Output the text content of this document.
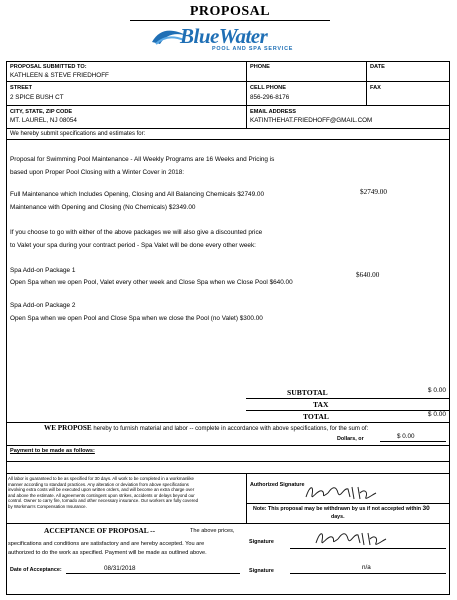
PROPOSAL
BlueWater
POOL AND SPA SERVICE
PROPOSAL SUBMITTED TO:
KATHLEEN & STEVE FRIEDHOFF
PHONE	DATE
STREET
2 SPICE BUSH CT
CELL PHONE
856-296-8176
FAX
CITY, STATE, ZIP CODE
MT. LAUREL, NJ 08054
EMAIL ADDRESS
KATINTHEHAT.FRIEDHOFF@GMAIL.COM
We hereby submit specifications and estimates for:
Proposal for Swimming Pool Maintenance - All Weekly Programs are 16 Weeks and Pricing is
based upon Proper Pool Closing with a Winter Cover in 2018:
Full Maintenance which Includes Opening, Closing and All Balancing Chemicals $2749.00
Maintenance with Opening and Closing (No Chemicals) $2349.00
$2749.00
If you choose to go with either of the above packages we will also give a discounted price
to Valet your spa during your contract period - Spa Valet will be done every other week:
Spa Add-on Package 1
Open Spa when we open Pool, Valet every other week and Close Spa when we Close Pool $640.00
$640.00
Spa Add-on Package 2
Open Spa when we open Pool and Close Spa when we close the Pool (no Valet) $300.00
SUBTOTAL	$ 0.00
TAX
TOTAL	$ 0.00
WE PROPOSE hereby to furnish material and labor -- complete in accordance with above specifications, for the sum of:
Dollars, or	$ 0.00
Payment to be made as follows:
All labor is guaranteed to be as specified for 30 days. All work to be completed in a workmanlike
manner according to standard practices. Any alteration or deviation from above specifications
involving extra costs will be executed upon written orders, and will become an extra charge over
and above the estimate. All agreements contingent upon strikes, accidents or delays beyond our
control. Owner to carry fire, tornado and other necessary insurance. Our workers are fully covered
by Workman's Compensation Insurance.
Authorized Signature
Note: This proposal may be withdrawn by us if not accepted within 30
days.
ACCEPTANCE OF PROPOSAL --	The above prices,
specifications and conditions are satisfactory and are hereby accepted. You are
authorized to do the work as specified. Payment will be made as outlined above.
Signature
Date of Acceptance:	08/31/2018	Signature	n/a
